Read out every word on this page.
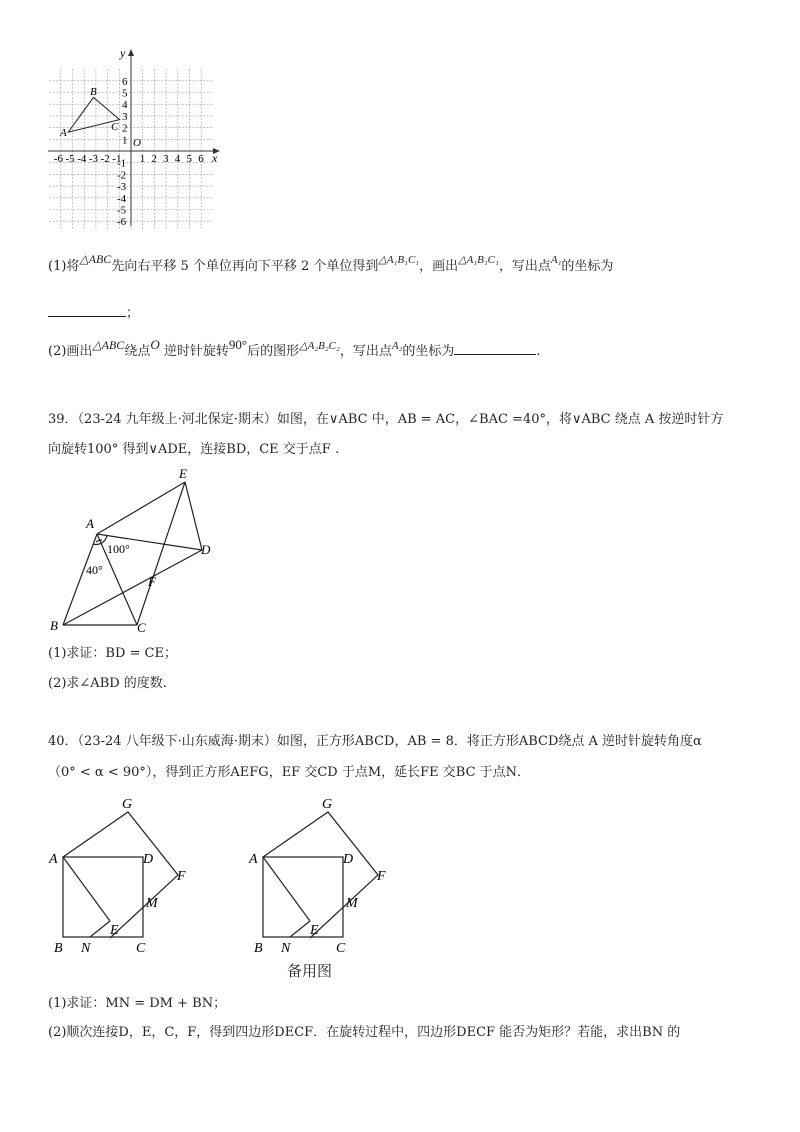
y
x
O
-6 -5 -4 -3 -2 -1 1 2 3 4 5 6
6
5
4
3
2
1
-1
-2
-3
-4
-5
-6
A
B
C
(1)将△ABC先向右平移 5 个单位再向下平移 2 个单位得到$^{\triangle A_1B_1C_1}$，画出$^{\triangle A_1B_1C_1}$，写出点$^{A_1}$的坐标为
；
(2)画出△ABC绕点O 逆时针旋转90°后的图形$^{\triangle A_2B_2C_2}$，写出点$^{A_2}$的坐标为	.
39．（23-24 九年级上·河北保定·期末）如图，在∨ABC 中，AB = AC，∠BAC =40°，将∨ABC 绕点 A 按逆时针方
向旋转100° 得到∨ADE，连接BD，CE 交于点F .
A
B	C
D
E
F
100°
40°
(1)求证：BD = CE；
(2)求∠ABD 的度数.
40．（23-24 八年级下·山东威海·期末）如图，正方形ABCD，AB = 8．将正方形ABCD绕点 A 逆时针旋转角度α
（0° < α < 90°），得到正方形AEFG，EF 交CD 于点M，延长FE 交BC 于点N．
A
B	C
D
E
F
G
M
N
A
B	C
D
E
F
G
M
N
备用图
(1)求证：MN = DM + BN；
(2)顺次连接D，E，C，F，得到四边形DECF．在旋转过程中，四边形DECF 能否为矩形？若能，求出BN 的
